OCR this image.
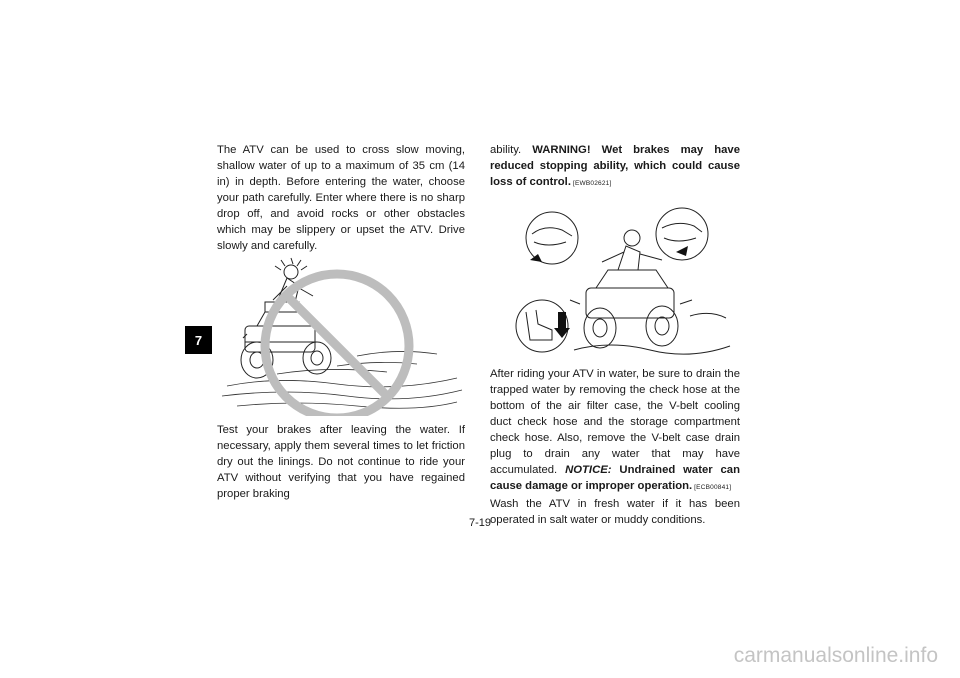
7

The ATV can be used to cross slow moving, shallow water of up to a maximum of 35 cm (14 in) in depth. Before entering the water, choose your path carefully. Enter where there is no sharp drop off, and avoid rocks or other obstacles which may be slippery or upset the ATV. Drive slowly and carefully.

Test your brakes after leaving the water. If necessary, apply them several times to let friction dry out the linings. Do not continue to ride your ATV without verifying that you have regained proper braking

ability. WARNING! Wet brakes may have reduced stopping ability, which could cause loss of control. [EWB02621]

After riding your ATV in water, be sure to drain the trapped water by removing the check hose at the bottom of the air filter case, the V-belt cooling duct check hose and the storage compartment check hose. Also, remove the V-belt case drain plug to drain any water that may have accumulated. NOTICE: Undrained water can cause damage or improper operation. [ECB00841]

Wash the ATV in fresh water if it has been operated in salt water or muddy conditions.

7-19
carmanualsonline.info
